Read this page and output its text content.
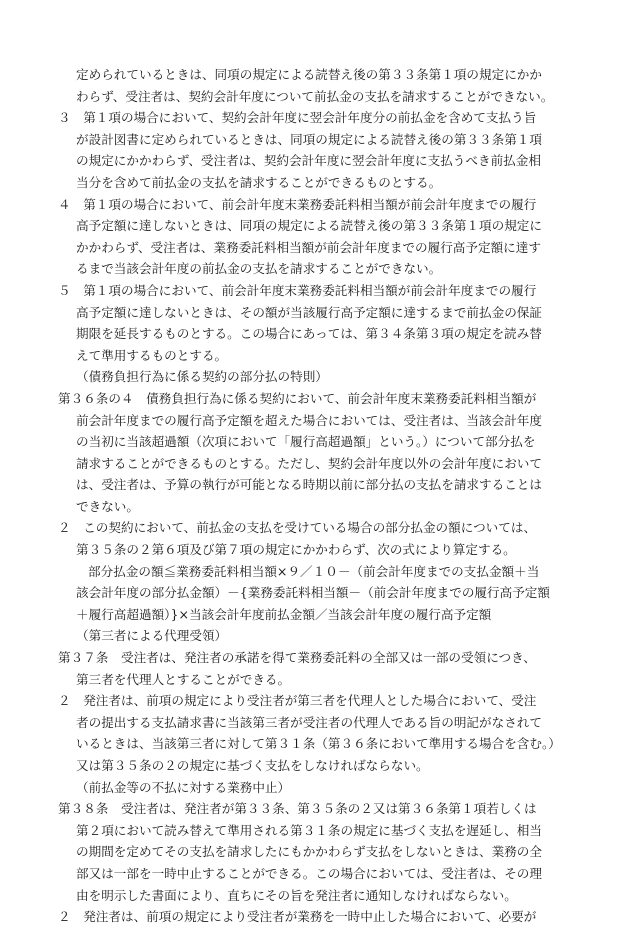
定められているときは、同項の規定による読替え後の第３３条第１項の規定にかか
わらず、受注者は、契約会計年度について前払金の支払を請求することができない。
３　第１項の場合において、契約会計年度に翌会計年度分の前払金を含めて支払う旨
が設計図書に定められているときは、同項の規定による読替え後の第３３条第１項
の規定にかかわらず、受注者は、契約会計年度に翌会計年度に支払うべき前払金相
当分を含めて前払金の支払を請求することができるものとする。
４　第１項の場合において、前会計年度末業務委託料相当額が前会計年度までの履行
高予定額に達しないときは、同項の規定による読替え後の第３３条第１項の規定に
かかわらず、受注者は、業務委託料相当額が前会計年度までの履行高予定額に達す
るまで当該会計年度の前払金の支払を請求することができない。
５　第１項の場合において、前会計年度末業務委託料相当額が前会計年度までの履行
高予定額に達しないときは、その額が当該履行高予定額に達するまで前払金の保証
期限を延長するものとする。この場合にあっては、第３４条第３項の規定を読み替
えて準用するものとする。
（債務負担行為に係る契約の部分払の特則）
第３６条の４　債務負担行為に係る契約において、前会計年度末業務委託料相当額が
前会計年度までの履行高予定額を超えた場合においては、受注者は、当該会計年度
の当初に当該超過額（次項において「履行高超過額」という。）について部分払を
請求することができるものとする。ただし、契約会計年度以外の会計年度において
は、受注者は、予算の執行が可能となる時期以前に部分払の支払を請求することは
できない。
２　この契約において、前払金の支払を受けている場合の部分払金の額については、
第３５条の２第６項及び第７項の規定にかかわらず、次の式により算定する。
部分払金の額≦業務委託料相当額×９／１０－（前会計年度までの支払金額＋当
該会計年度の部分払金額）－{業務委託料相当額－（前会計年度までの履行高予定額
＋履行高超過額）}×当該会計年度前払金額／当該会計年度の履行高予定額
（第三者による代理受領）
第３７条　受注者は、発注者の承諾を得て業務委託料の全部又は一部の受領につき、
第三者を代理人とすることができる。
２　発注者は、前項の規定により受注者が第三者を代理人とした場合において、受注
者の提出する支払請求書に当該第三者が受注者の代理人である旨の明記がなされて
いるときは、当該第三者に対して第３１条（第３６条において準用する場合を含む。）
又は第３５条の２の規定に基づく支払をしなければならない。
（前払金等の不払に対する業務中止）
第３８条　受注者は、発注者が第３３条、第３５条の２又は第３６条第１項若しくは
第２項において読み替えて準用される第３１条の規定に基づく支払を遅延し、相当
の期間を定めてその支払を請求したにもかかわらず支払をしないときは、業務の全
部又は一部を一時中止することができる。この場合においては、受注者は、その理
由を明示した書面により、直ちにその旨を発注者に通知しなければならない。
２　発注者は、前項の規定により受注者が業務を一時中止した場合において、必要が
